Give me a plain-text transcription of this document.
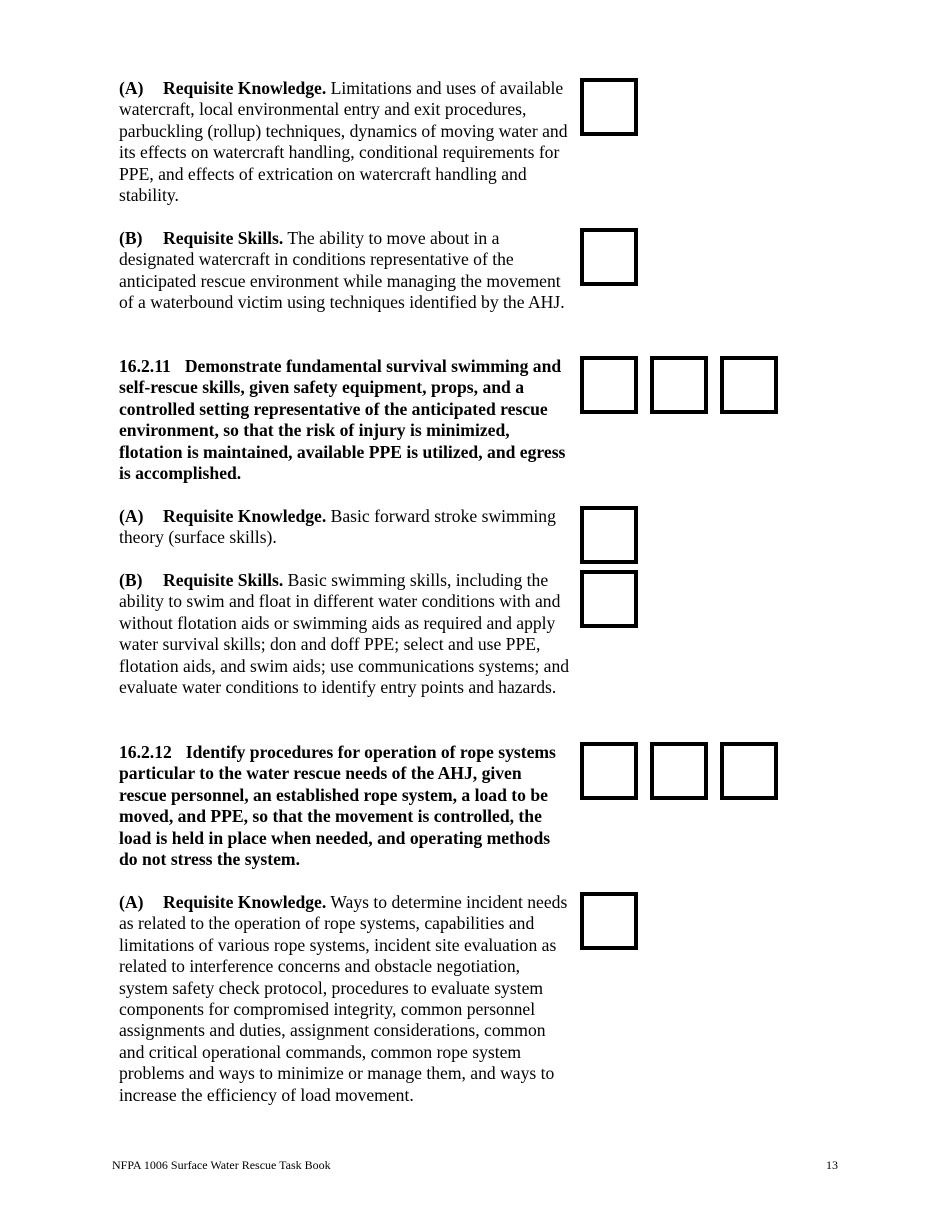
(A) Requisite Knowledge. Limitations and uses of available watercraft, local environmental entry and exit procedures, parbuckling (rollup) techniques, dynamics of moving water and its effects on watercraft handling, conditional requirements for PPE, and effects of extrication on watercraft handling and stability.

(B) Requisite Skills. The ability to move about in a designated watercraft in conditions representative of the anticipated rescue environment while managing the movement of a waterbound victim using techniques identified by the AHJ.

16.2.11 Demonstrate fundamental survival swimming and self-rescue skills, given safety equipment, props, and a controlled setting representative of the anticipated rescue environment, so that the risk of injury is minimized, flotation is maintained, available PPE is utilized, and egress is accomplished.

(A) Requisite Knowledge. Basic forward stroke swimming theory (surface skills).

(B) Requisite Skills. Basic swimming skills, including the ability to swim and float in different water conditions with and without flotation aids or swimming aids as required and apply water survival skills; don and doff PPE; select and use PPE, flotation aids, and swim aids; use communications systems; and evaluate water conditions to identify entry points and hazards.

16.2.12 Identify procedures for operation of rope systems particular to the water rescue needs of the AHJ, given rescue personnel, an established rope system, a load to be moved, and PPE, so that the movement is controlled, the load is held in place when needed, and operating methods do not stress the system.

(A) Requisite Knowledge. Ways to determine incident needs as related to the operation of rope systems, capabilities and limitations of various rope systems, incident site evaluation as related to interference concerns and obstacle negotiation, system safety check protocol, procedures to evaluate system components for compromised integrity, common personnel assignments and duties, assignment considerations, common and critical operational commands, common rope system problems and ways to minimize or manage them, and ways to increase the efficiency of load movement.

NFPA 1006 Surface Water Rescue Task Book	13
